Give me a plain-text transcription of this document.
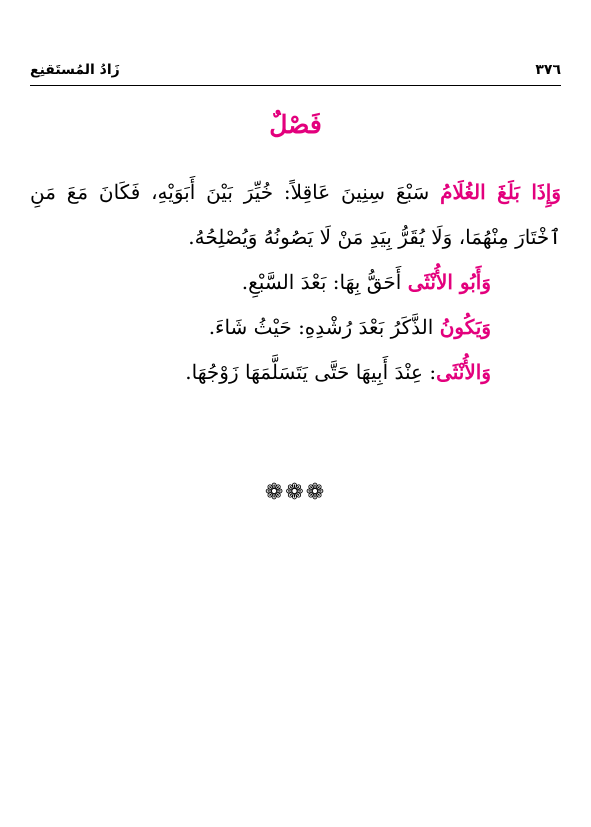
٣٧٦
زَادُ المُستَقنِع
فَصْلٌ

وَإِذَا بَلَغَ الغُلَامُ سَبْعَ سِنِينَ عَاقِلاً: خُيِّرَ بَيْنَ أَبَوَيْهِ، فَكَانَ مَعَ مَنِ ٱخْتَارَ مِنْهُمَا، وَلَا يُقَرُّ بِيَدِ مَنْ لَا يَصُونُهُ وَيُصْلِحُهُ.

وَأَبُو الأُنْثَى أَحَقُّ بِهَا: بَعْدَ السَّبْعِ.

وَيَكُونُ الذَّكَرُ بَعْدَ رُشْدِهِ: حَيْثُ شَاءَ.

وَالأُنْثَى: عِنْدَ أَبِيهَا حَتَّى يَتَسَلَّمَهَا زَوْجُهَا.

❁❁❁
